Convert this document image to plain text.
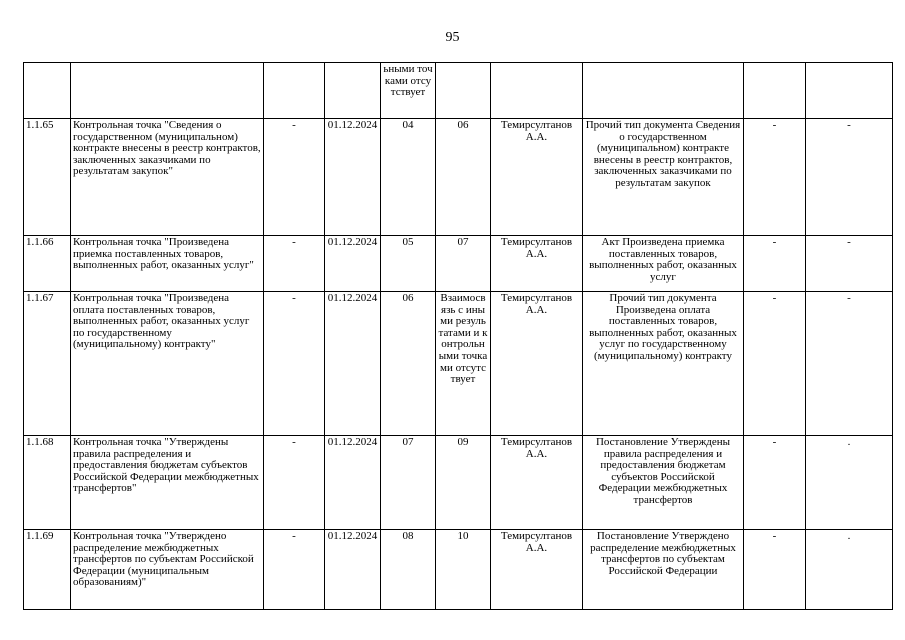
95

				ьными точками отсутствует					

1.1.65	Контрольная точка "Сведения о государственном (муниципальном) контракте внесены в реестр контрактов, заключенных заказчиками по результатам закупок"	-	01.12.2024	04	06	Темирсултанов А.А.	Прочий тип документа Сведения о государственном (муниципальном) контракте внесены в реестр контрактов, заключенных заказчиками по результатам закупок	-	-
1.1.66	Контрольная точка "Произведена приемка поставленных товаров, выполненных работ, оказанных услуг"	-	01.12.2024	05	07	Темирсултанов А.А.	Акт Произведена приемка поставленных товаров, выполненных работ, оказанных услуг	-	-
1.1.67	Контрольная точка "Произведена оплата поставленных товаров, выполненных работ, оказанных услуг по государственному (муниципальному) контракту"	-	01.12.2024	06	Взаимосвязь с иными результатами и контрольными точками отсутствует	Темирсултанов А.А.	Прочий тип документа Произведена оплата поставленных товаров, выполненных работ, оказанных услуг по государственному (муниципальному) контракту	-	-
1.1.68	Контрольная точка "Утверждены правила распределения и предоставления бюджетам субъектов Российской Федерации межбюджетных трансфертов"	-	01.12.2024	07	09	Темирсултанов А.А.	Постановление Утверждены правила распределения и предоставления бюджетам субъектов Российской Федерации межбюджетных трансфертов	-	.
1.1.69	Контрольная точка "Утверждено распределение межбюджетных трансфертов по субъектам Российской Федерации (муниципальным образованиям)"	-	01.12.2024	08	10	Темирсултанов А.А.	Постановление Утверждено распределение межбюджетных трансфертов по субъектам Российской Федерации	-	.
